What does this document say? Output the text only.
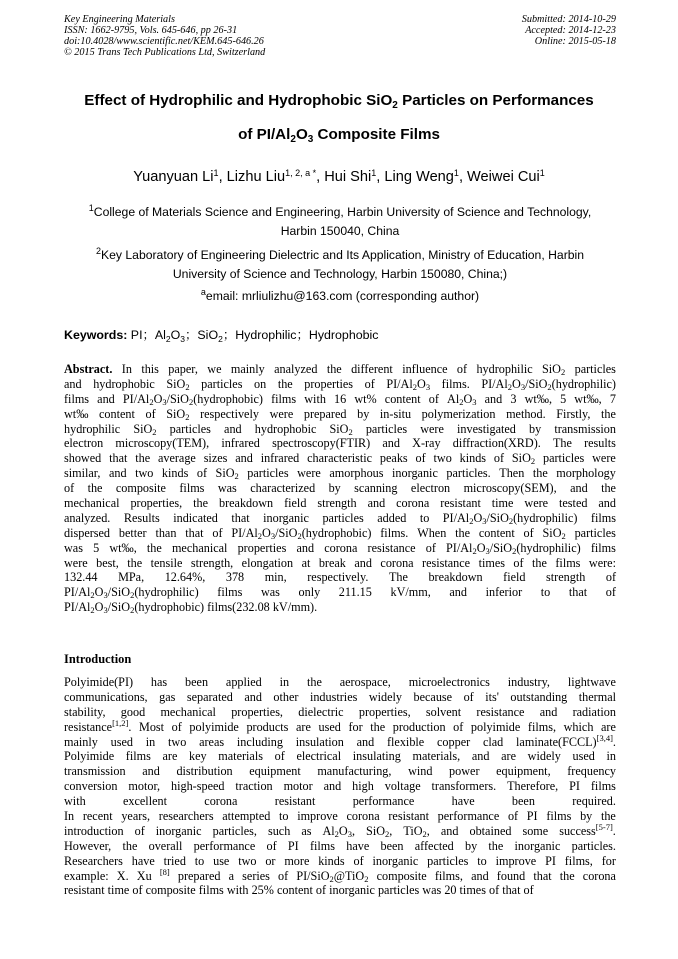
Key Engineering Materials
ISSN: 1662-9795, Vols. 645-646, pp 26-31
doi:10.4028/www.scientific.net/KEM.645-646.26
© 2015 Trans Tech Publications Ltd, Switzerland
Submitted: 2014-10-29
Accepted: 2014-12-23
Online: 2015-05-18
Effect of Hydrophilic and Hydrophobic SiO$_2$ Particles on Performances
of $PI/Al_2O_3$ Composite Films
Yuanyuan Li$^1$, Lizhu Liu$^{1, 2, a *}$, Hui Shi$^1$, Ling Weng$^1$, Weiwei Cui$^1$
$^1$College of Materials Science and Engineering, Harbin University of Science and Technology,
Harbin 150040, China
$^2$Key Laboratory of Engineering Dielectric and Its Application, Ministry of Education, Harbin
University of Science and Technology, Harbin 150080, China;)
$^a$email: mrliulizhu@163.com (corresponding author)
Keywords: PI；$Al_2O_3$；SiO$_2$；Hydrophilic；Hydrophobic
Abstract. In this paper, we mainly analyzed the different influence of hydrophilic SiO$_2$ particles
and hydrophobic SiO$_2$ particles on the properties of $PI/Al_2O_3$ films. $PI/Al_2O_3/SiO_2(hydrophilic)$
films and $PI/Al_2O_3/SiO_2(hydrophobic)$ films with 16 wt% content of $Al_2O_3$ and 3 wt‰, 5 wt‰, 7
wt‰ content of SiO$_2$ respectively were prepared by in-situ polymerization method. Firstly, the
hydrophilic SiO$_2$ particles and hydrophobic SiO$_2$ particles were investigated by transmission
electron microscopy(TEM), infrared spectroscopy(FTIR) and X-ray diffraction(XRD). The results
showed that the average sizes and infrared characteristic peaks of two kinds of SiO$_2$ particles were
similar, and two kinds of SiO$_2$ particles were amorphous inorganic particles. Then the morphology
of the composite films was characterized by scanning electron microscopy(SEM), and the
mechanical properties, the breakdown field strength and corona resistant time were tested and
analyzed. Results indicated that inorganic particles added to $PI/Al_2O_3/SiO_2(hydrophilic)$ films
dispersed better than that of $PI/Al_2O_3/SiO_2(hydrophobic)$ films. When the content of SiO$_2$ particles
was 5 wt‰, the mechanical properties and corona resistance of $PI/Al_2O_3/SiO_2(hydrophilic)$ films
were best, the tensile strength, elongation at break and corona resistance times of the films were:
132.44 MPa, 12.64%, 378 min, respectively. The breakdown field strength of
$PI/Al_2O_3/SiO_2(hydrophilic)$ films was only 211.15 kV/mm, and inferior to that of
$PI/Al_2O_3/SiO_2(hydrophobic)$ films(232.08 kV/mm).
Introduction
Polyimide(PI) has been applied in the aerospace, microelectronics industry, lightwave
communications, gas separated and other industries widely because of its' outstanding thermal
stability, good mechanical properties, dielectric properties, solvent resistance and radiation
resistance[1,2]. Most of polyimide products are used for the production of polyimide films, which are
mainly used in two areas including insulation and flexible copper clad laminate(FCCL)[3,4].
Polyimide films are key materials of electrical insulating materials, and are widely used in
transmission and distribution equipment manufacturing, wind power equipment, frequency
conversion motor, high-speed traction motor and high voltage transformers. Therefore, PI films
with	excellent	corona	resistant	performance	have	been	required.
In recent years, researchers attempted to improve corona resistant performance of PI films by the
introduction of inorganic particles, such as $Al_2O_3$, SiO$_2$, TiO$_2$, and obtained some success[5-7].
However, the overall performance of PI films have been affected by the inorganic particles.
Researchers have tried to use two or more kinds of inorganic particles to improve PI films, for
example: X. Xu [8] prepared a series of PI/SiO$_2$@TiO$_2$ composite films, and found that the corona
resistant time of composite films with 25% content of inorganic particles was 20 times of that of
